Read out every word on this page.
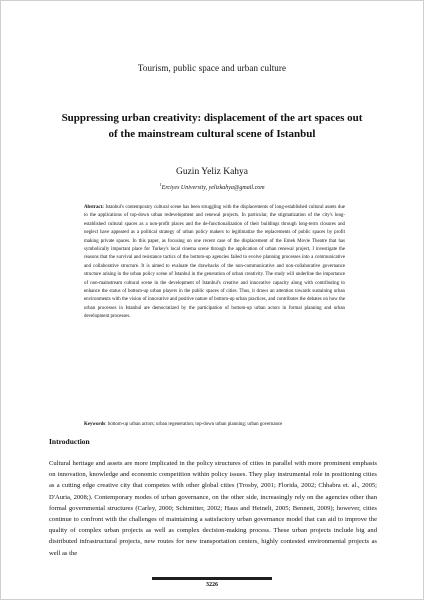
Tourism, public space and urban culture
Suppressing urban creativity: displacement of the art spaces out of the mainstream cultural scene of Istanbul
Guzin Yeliz Kahya
$^1$Erciyes University, yelizkahya@gmail.com
Abstract: Istanbul's contemporary cultural scene has been struggling with the displacements of long-established cultural assets due to the applications of top-down urban redevelopment and renewal projects. In particular, the stigmatization of the city's long-established cultural spaces as a non-profit places and the de-functionalization of their buildings through long-term closures and neglect have appeared as a political strategy of urban policy makers to legitimatize the replacements of public spaces by profit making private spaces. In this paper, as focusing on one recent case of the displacement of the Emek Movie Theatre that has symbolically important place for Turkey's local cinema scene through the application of urban renewal project, I investigate the reasons that the survival and resistance tactics of the bottom-up agencies failed to evolve planning processes into a communicative and collaborative structure. It is aimed to evaluate the drawbacks of the non-communicative and non-collaborative governance structure arising in the urban policy scene of Istanbul in the generation of urban creativity. The study will underline the importance of non-mainstream cultural scene in the development of Istanbul's creative and innovative capacity along with contributing to enhance the status of bottom-up urban players in the public spaces of cities. Thus, it draws an attention towards sustaining urban environments with the vision of innovative and positive nature of bottom-up urban practices, and contributes the debates on how the urban processes in Istanbul are democratized by the participation of bottom-up urban actors in formal planning and urban development processes.
Keywords: bottom-up urban actors; urban regeneration; top-down urban planning; urban governance
Introduction
Cultural heritage and assets are more implicated in the policy structures of cities in parallel with more prominent emphasis on innovation, knowledge and economic competition within policy issues. They play instrumental role in positioning cities as a cutting edge creative city that competes with other global cities (Trosby, 2001; Florida, 2002; Chhabra et. al., 2005; D'Auria, 2008;). Contemporary modes of urban governance, on the other side, increasingly rely on the agencies other than formal governmental structures (Carley, 2000; Schimitter, 2002; Haus and Heinelt, 2005; Bennett, 2009); however, cities continue to confront with the challenges of maintaining a satisfactory urban governance model that can aid to improve the quality of complex urban projects as well as complex decision-making process. These urban projects include big and distributed infrastructural projects, new routes for new transportation centers, highly contested environmental projects as well as the
3226
